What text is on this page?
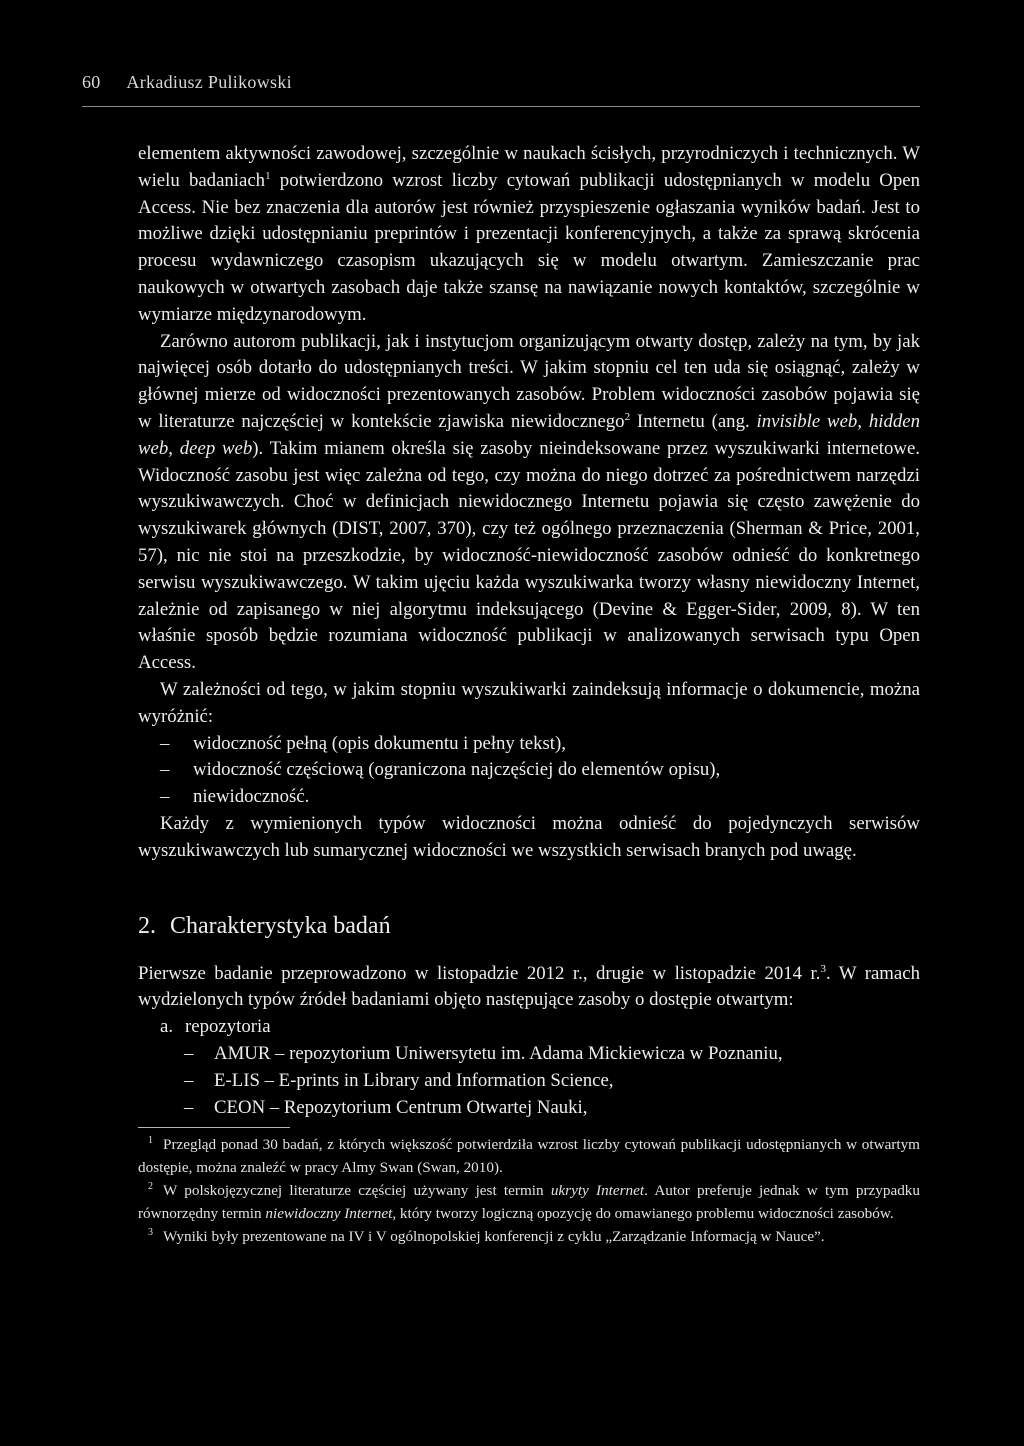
60 Arkadiusz Pulikowski

elementem aktywności zawodowej, szczególnie w naukach ścisłych, przyrodniczych i technicznych. W wielu badaniach$^1$ potwierdzono wzrost liczby cytowań publikacji udostępnianych w modelu Open Access. Nie bez znaczenia dla autorów jest również przyspieszenie ogłaszania wyników badań. Jest to możliwe dzięki udostępnianiu preprintów i prezentacji konferencyjnych, a także za sprawą skrócenia procesu wydawniczego czasopism ukazujących się w modelu otwartym. Zamieszczanie prac naukowych w otwartych zasobach daje także szansę na nawiązanie nowych kontaktów, szczególnie w wymiarze międzynarodowym.

Zarówno autorom publikacji, jak i instytucjom organizującym otwarty dostęp, zależy na tym, by jak najwięcej osób dotarło do udostępnianych treści. W jakim stopniu cel ten uda się osiągnąć, zależy w głównej mierze od widoczności prezentowanych zasobów. Problem widoczności zasobów pojawia się w literaturze najczęściej w kontekście zjawiska niewidocznego$^2$ Internetu (ang. invisible web, hidden web, deep web). Takim mianem określa się zasoby nieindeksowane przez wyszukiwarki internetowe. Widoczność zasobu jest więc zależna od tego, czy można do niego dotrzeć za pośrednictwem narzędzi wyszukiwawczych. Choć w definicjach niewidocznego Internetu pojawia się często zawężenie do wyszukiwarek głównych (DIST, 2007, 370), czy też ogólnego przeznaczenia (Sherman & Price, 2001, 57), nic nie stoi na przeszkodzie, by widoczność-niewidoczność zasobów odnieść do konkretnego serwisu wyszukiwawczego. W takim ujęciu każda wyszukiwarka tworzy własny niewidoczny Internet, zależnie od zapisanego w niej algorytmu indeksującego (Devine & Egger-Sider, 2009, 8). W ten właśnie sposób będzie rozumiana widoczność publikacji w analizowanych serwisach typu Open Access.

W zależności od tego, w jakim stopniu wyszukiwarki zaindeksują informacje o dokumencie, można wyróżnić:

– widoczność pełną (opis dokumentu i pełny tekst),
– widoczność częściową (ograniczona najczęściej do elementów opisu),
– niewidoczność.

Każdy z wymienionych typów widoczności można odnieść do pojedynczych serwisów wyszukiwawczych lub sumarycznej widoczności we wszystkich serwisach branych pod uwagę.

2. Charakterystyka badań

Pierwsze badanie przeprowadzono w listopadzie 2012 r., drugie w listopadzie 2014 r.$^3$. W ramach wydzielonych typów źródeł badaniami objęto następujące zasoby o dostępie otwartym:

a. repozytoria
– AMUR – repozytorium Uniwersytetu im. Adama Mickiewicza w Poznaniu,
– E-LIS – E-prints in Library and Information Science,
– CEON – Repozytorium Centrum Otwartej Nauki,

$^1$ Przegląd ponad 30 badań, z których większość potwierdziła wzrost liczby cytowań publikacji udostępnianych w otwartym dostępie, można znaleźć w pracy Almy Swan (Swan, 2010).

$^2$ W polskojęzycznej literaturze częściej używany jest termin ukryty Internet. Autor preferuje jednak w tym przypadku równorzędny termin niewidoczny Internet, który tworzy logiczną opozycję do omawianego problemu widoczności zasobów.

$^3$ Wyniki były prezentowane na IV i V ogólnopolskiej konferencji z cyklu „Zarządzanie Informacją w Nauce”.
